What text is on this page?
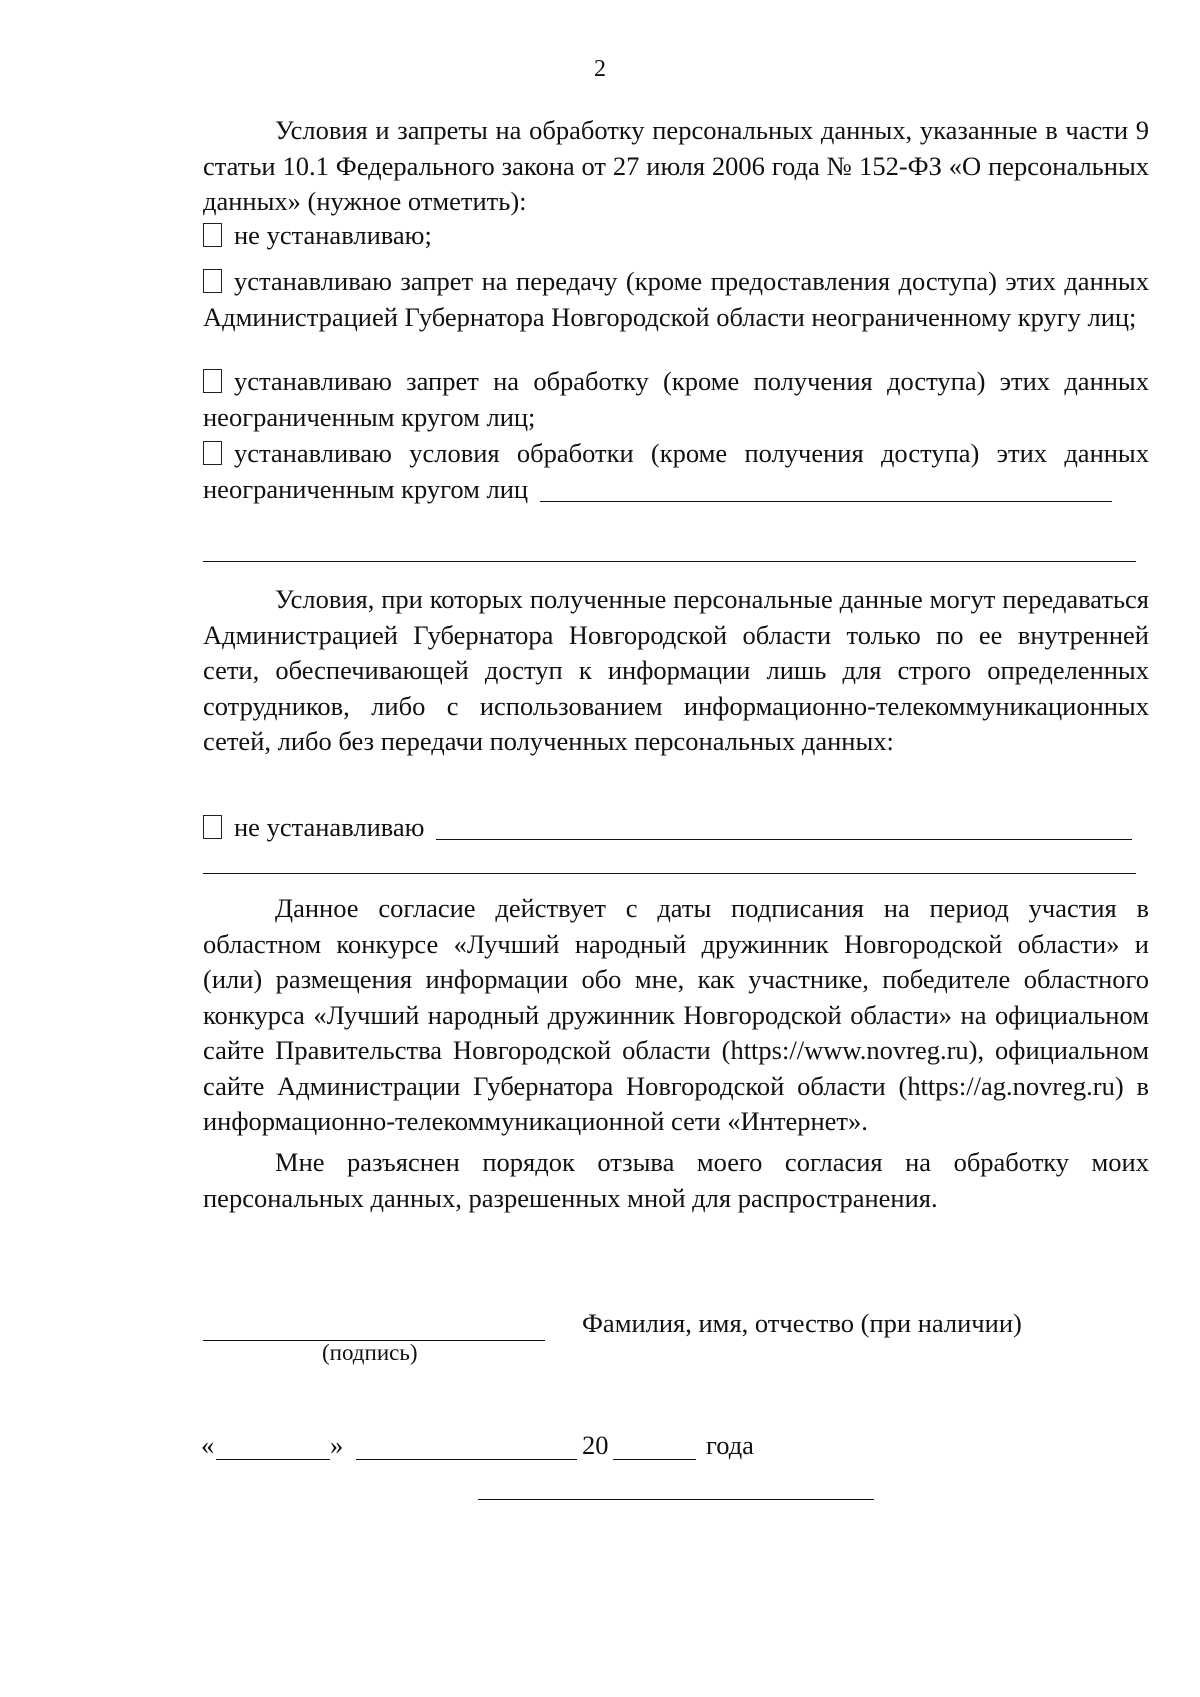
2

Условия и запреты на обработку персональных данных, указанные в части 9 статьи 10.1 Федерального закона от 27 июля 2006 года № 152-ФЗ «О персональных данных» (нужное отметить):

не устанавливаю;

устанавливаю запрет на передачу (кроме предоставления доступа) этих данных Администрацией Губернатора Новгородской области неограниченному кругу лиц;

устанавливаю запрет на обработку (кроме получения доступа) этих данных неограниченным кругом лиц;

устанавливаю условия обработки (кроме получения доступа) этих данных неограниченным кругом лиц

Условия, при которых полученные персональные данные могут передаваться Администрацией Губернатора Новгородской области только по ее внутренней сети, обеспечивающей доступ к информации лишь для строго определенных сотрудников, либо с использованием информационно-телекоммуникационных сетей, либо без передачи полученных персональных данных:

не устанавливаю

Данное согласие действует с даты подписания на период участия в областном конкурсе «Лучший народный дружинник Новгородской области» и (или) размещения информации обо мне, как участнике, победителе областного конкурса «Лучший народный дружинник Новгородской области» на официальном сайте Правительства Новгородской области (https://www.novreg.ru), официальном сайте Администрации Губернатора Новгородской области (https://ag.novreg.ru) в информационно-телекоммуникационной сети «Интернет».

Мне разъяснен порядок отзыва моего согласия на обработку моих персональных данных, разрешенных мной для распространения.

(подпись)
Фамилия, имя, отчество (при наличии)
«	»	20	года
